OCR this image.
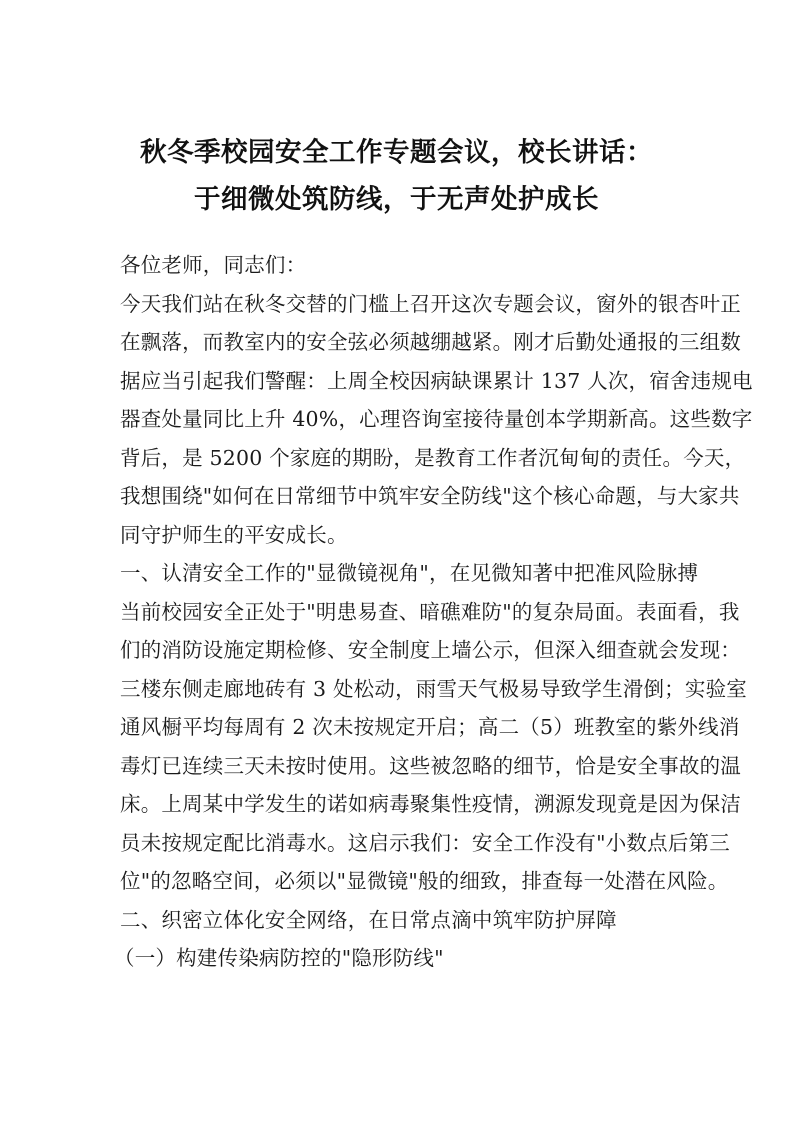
秋冬季校园安全工作专题会议，校长讲话：
于细微处筑防线，于无声处护成长
各位老师，同志们：
今天我们站在秋冬交替的门槛上召开这次专题会议，窗外的银杏叶正
在飘落，而教室内的安全弦必须越绷越紧。刚才后勤处通报的三组数
据应当引起我们警醒：上周全校因病缺课累计 137 人次，宿舍违规电
器查处量同比上升 40%，心理咨询室接待量创本学期新高。这些数字
背后，是 5200 个家庭的期盼，是教育工作者沉甸甸的责任。今天，
我想围绕"如何在日常细节中筑牢安全防线"这个核心命题，与大家共
同守护师生的平安成长。
一、认清安全工作的"显微镜视角"，在见微知著中把准风险脉搏
当前校园安全正处于"明患易查、暗礁难防"的复杂局面。表面看，我
们的消防设施定期检修、安全制度上墙公示，但深入细查就会发现：
三楼东侧走廊地砖有 3 处松动，雨雪天气极易导致学生滑倒；实验室
通风橱平均每周有 2 次未按规定开启；高二（5）班教室的紫外线消
毒灯已连续三天未按时使用。这些被忽略的细节，恰是安全事故的温
床。上周某中学发生的诺如病毒聚集性疫情，溯源发现竟是因为保洁
员未按规定配比消毒水。这启示我们：安全工作没有"小数点后第三
位"的忽略空间，必须以"显微镜"般的细致，排查每一处潜在风险。
二、织密立体化安全网络，在日常点滴中筑牢防护屏障
（一）构建传染病防控的"隐形防线"
